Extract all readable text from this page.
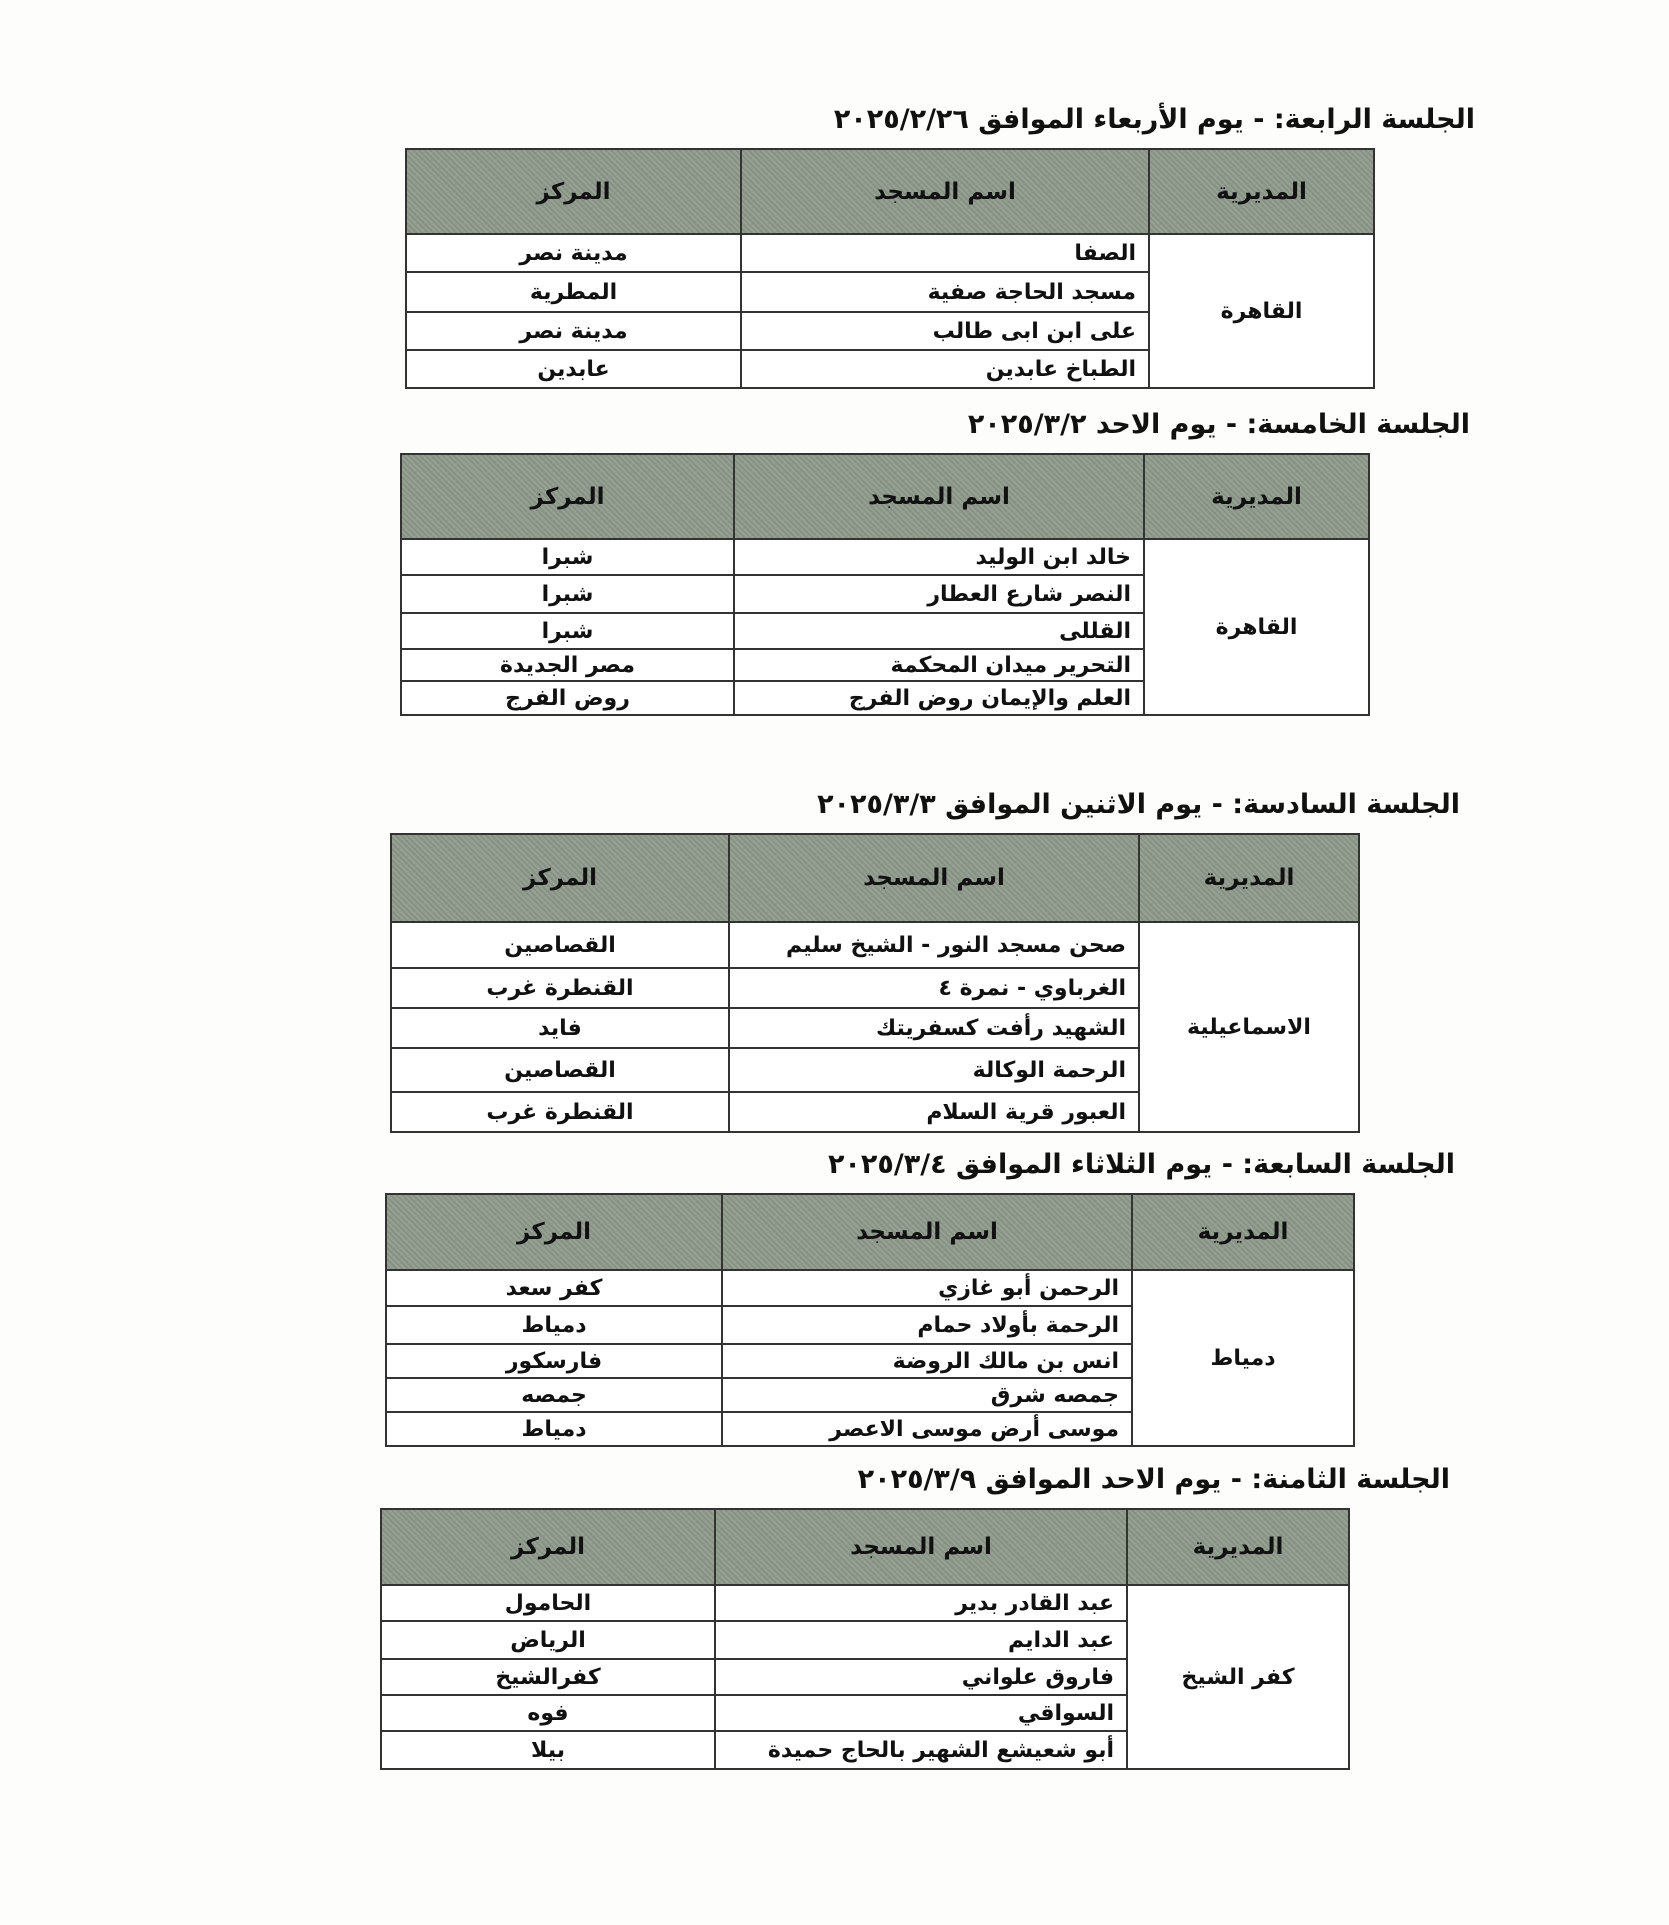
الجلسة الرابعة: - يوم الأربعاء الموافق ٢٠٢٥/٢/٢٦
المديرية	اسم المسجد	المركز
القاهرة	الصفا	مدينة نصر
	مسجد الحاجة صفية	المطرية
	على ابن ابى طالب	مدينة نصر
	الطباخ عابدين	عابدين
الجلسة الخامسة: - يوم الاحد ٢٠٢٥/٣/٢
المديرية	اسم المسجد	المركز
القاهرة	خالد ابن الوليد	شبرا
	النصر شارع العطار	شبرا
	القللى	شبرا
	التحرير ميدان المحكمة	مصر الجديدة
	العلم والإيمان روض الفرج	روض الفرج
الجلسة السادسة: - يوم الاثنين الموافق ٢٠٢٥/٣/٣
المديرية	اسم المسجد	المركز
الاسماعيلية	صحن مسجد النور - الشيخ سليم	القصاصين
	الغرباوي - نمرة ٤	القنطرة غرب
	الشهيد رأفت كسفريتك	فايد
	الرحمة الوكالة	القصاصين
	العبور قرية السلام	القنطرة غرب
الجلسة السابعة: - يوم الثلاثاء الموافق ٢٠٢٥/٣/٤
المديرية	اسم المسجد	المركز
دمياط	الرحمن أبو غازي	كفر سعد
	الرحمة بأولاد حمام	دمياط
	انس بن مالك الروضة	فارسكور
	جمصه شرق	جمصه
	موسى أرض موسى الاعصر	دمياط
الجلسة الثامنة: - يوم الاحد الموافق ٢٠٢٥/٣/٩
المديرية	اسم المسجد	المركز
كفر الشيخ	عبد القادر بدير	الحامول
	عبد الدايم	الرياض
	فاروق علواني	كفرالشيخ
	السواقي	فوه
	أبو شعيشع الشهير بالحاج حميدة	بيلا
